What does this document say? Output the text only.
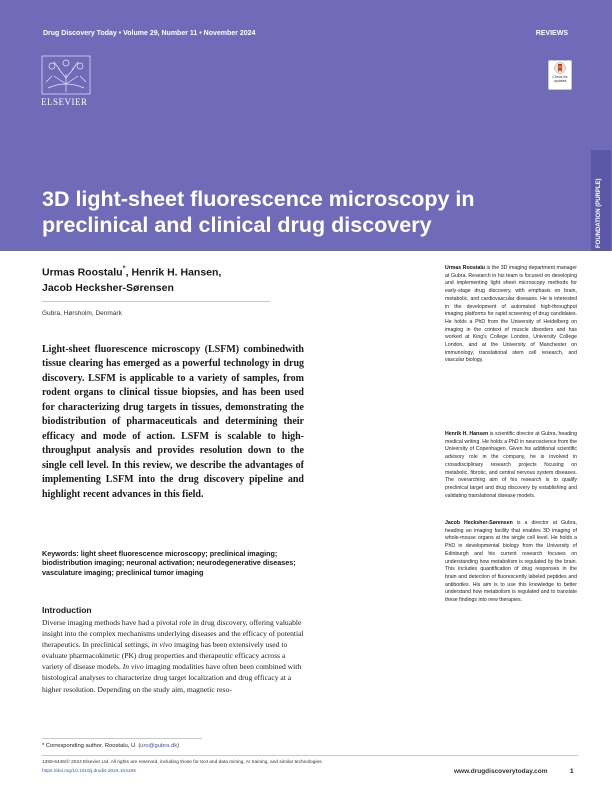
Drug Discovery Today • Volume 29, Number 11 • November 2024	REVIEWS
ELSEVIER
Check for updates
3D light-sheet fluorescence microscopy in preclinical and clinical drug discovery	FOUNDATION (PURPLE)
Urmas Roostalu*, Henrik H. Hansen,
Jacob Hecksher-Sørensen
Gubra, Hørsholm, Denmark

Light-sheet fluorescence microscopy (LSFM) combinedwith tissue clearing has emerged as a powerful technology in drug discovery. LSFM is applicable to a variety of samples, from rodent organs to clinical tissue biopsies, and has been used for characterizing drug targets in tissues, demonstrating the biodistribution of pharmaceuticals and determining their efficacy and mode of action. LSFM is scalable to high-throughput analysis and provides resolution down to the single cell level. In this review, we describe the advantages of implementing LSFM into the drug discovery pipeline and highlight recent advances in this field.

Keywords: light sheet fluorescence microscopy; preclinical imaging; biodistribution imaging; neuronal activation; neurodegenerative diseases; vasculature imaging; preclinical tumor imaging

Introduction

Diverse imaging methods have had a pivotal role in drug discovery, offering valuable insight into the complex mechanisms underlying diseases and the efficacy of potential therapeutics. In preclinical settings, in vivo imaging has been extensively used to evaluate pharmacokinetic (PK) drug properties and therapeutic efficacy across a variety of disease models. In vivo imaging modalities have often been combined with histological analyses to characterize drug target localization and drug efficacy at a higher resolution. Depending on the study aim, magnetic reso-

Urmas Roostalu is the 3D imaging department manager at Gubra. Research in his team is focused on developing and implementing light sheet microscopy methods for early-stage drug discovery, with emphasis on brain, metabolic, and cardiovascular diseases. He is interested in the development of automated high-throughput imaging platforms for rapid screening of drug candidates. He holds a PhD from the University of Heidelberg on imaging in the context of muscle disorders and has worked at King's College London, University College London, and at the University of Manchester on immunology, translational stem cell research, and vascular biology.

Henrik H. Hansen is scientific director at Gubra, heading medical writing. He holds a PhD in neuroscience from the University of Copenhagen. Given his additional scientific advisory role in the company, he is involved in crossdisciplinary research projects focusing on metabolic, fibrotic, and central nervous system diseases. The overarching aim of his research is to qualify preclinical target and drug discovery by establishing and validating translational disease models.

Jacob Hecksher-Sørensen is a director at Gubra, heading an imaging facility that enables 3D imaging of whole-mouse organs at the single cell level. He holds a PhD in developmental biology from the University of Edinburgh and his current research focuses on understanding how metabolism is regulated by the brain. This includes quantification of drug responses in the brain and detection of fluorescently labeled peptides and antibodies. His aim is to use this knowledge to better understand how metabolism is regulated and to translate these findings into new therapies.

* Corresponding author. Roostalu, U. (uro@gubra.dk)
1359-6446/© 2024 Elsevier Ltd. All rights are reserved, including those for text and data mining, AI training, and similar technologies.
https://doi.org/10.1016/j.drudis.2024.104196	www.drugdiscoverytoday.com	1
